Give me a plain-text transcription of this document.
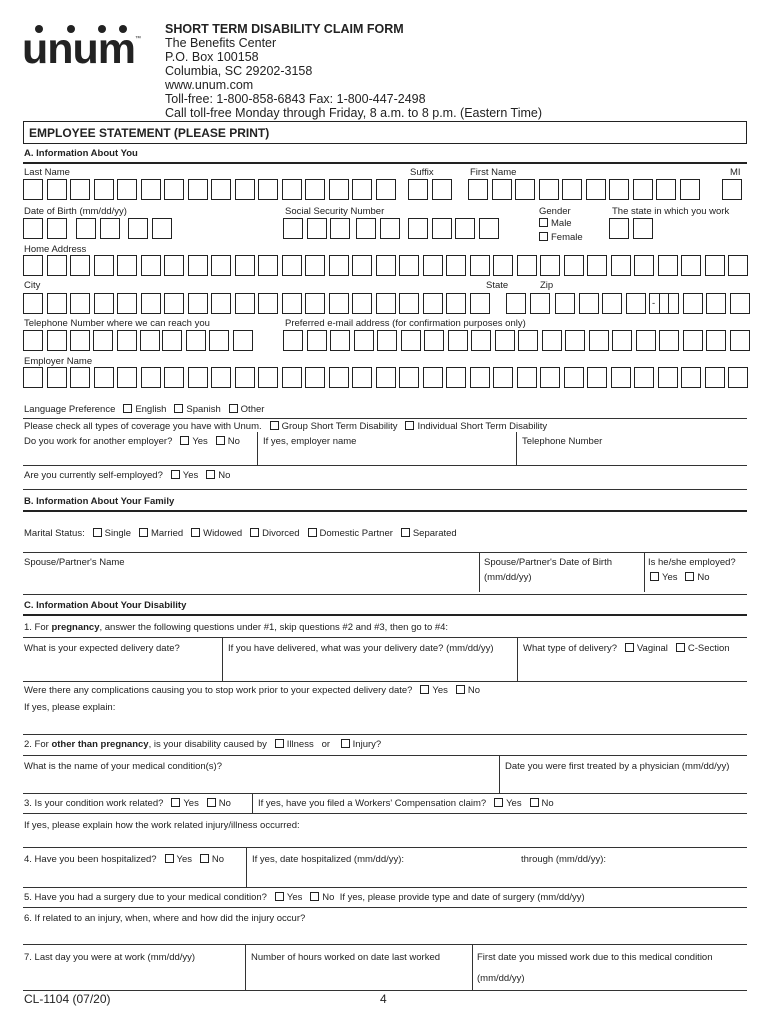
unum ™
SHORT TERM DISABILITY CLAIM FORM
The Benefits Center
P.O. Box 100158
Columbia, SC 29202-3158
www.unum.com
Toll-free: 1-800-858-6843 Fax: 1-800-447-2498
Call toll-free Monday through Friday, 8 a.m. to 8 p.m. (Eastern Time)
EMPLOYEE STATEMENT (PLEASE PRINT)
A. Information About You
Last Name	Suffix	First Name	MI
Date of Birth (mm/dd/yy)	Social Security Number	Gender	The state in which you work
Male
Female
Home Address
City	State	Zip
-
Telephone Number where we can reach you	Preferred e-mail address (for confirmation purposes only)
Employer Name
Language Preference English Spanish Other
Please check all types of coverage you have with Unum. Group Short Term Disability Individual Short Term Disability
Do you work for another employer? Yes No If yes, employer name	Telephone Number
Are you currently self-employed? Yes No
B. Information About Your Family
Marital Status: Single Married Widowed Divorced Domestic Partner Separated
Spouse/Partner's Name	Spouse/Partner's Date of Birth
(mm/dd/yy)
Is he/she employed?
Yes No
C. Information About Your Disability
1. For pregnancy, answer the following questions under #1, skip questions #2 and #3, then go to #4:
What is your expected delivery date?	If you have delivered, what was your delivery date? (mm/dd/yy)	What type of delivery? Vaginal C-Section
Were there any complications causing you to stop work prior to your expected delivery date? Yes No
If yes, please explain:
2. For other than pregnancy, is your disability caused by Illness or Injury?
What is the name of your medical condition(s)?	Date you were first treated by a physician (mm/dd/yy)
3. Is your condition work related? Yes No	If yes, have you filed a Workers' Compensation claim? Yes No
If yes, please explain how the work related injury/illness occurred:
4. Have you been hospitalized? Yes No	If yes, date hospitalized (mm/dd/yy):	through (mm/dd/yy):
5. Have you had a surgery due to your medical condition? Yes No If yes, please provide type and date of surgery (mm/dd/yy)
6. If related to an injury, when, where and how did the injury occur?
7. Last day you were at work (mm/dd/yy)	Number of hours worked on date last worked	First date you missed work due to this medical condition
(mm/dd/yy)
CL-1104 (07/20)	4
